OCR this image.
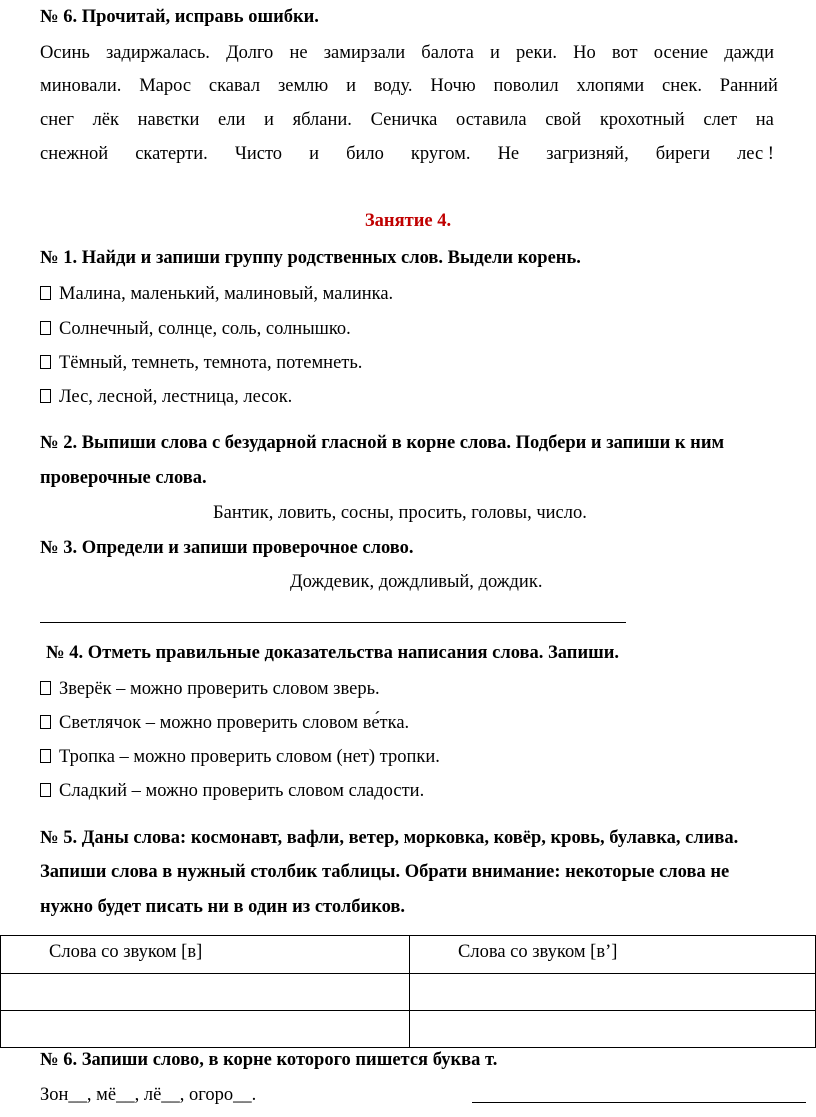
№ 6. Прочитай, исправь ошибки.
Осинь задиржалась. Долго не замирзали балота и реки. Но вот осение дажди
миновали. Марос скавал землю и воду. Ночю поволил хлопями снек. Ранний
снег лёк навєтки ели и яблани. Сеничка оставила свой крохотный слет на
снежной скатерти. Чисто и било кругом. Не загризняй, биреги лес !
Занятие 4.
№ 1. Найди и запиши группу родственных слов. Выдели корень.
Малина, маленький, малиновый, малинка.
Солнечный, солнце, соль, солнышко.
Тёмный, темнеть, темнота, потемнеть.
Лес, лесной, лестница, лесок.
№ 2. Выпиши слова с безударной гласной в корне слова. Подбери и запиши к ним
проверочные слова.
Бантик, ловить, сосны, просить, головы, число.
№ 3. Определи и запиши проверочное слово.
Дождевик, дождливый, дождик.
№ 4. Отметь правильные доказательства написания слова. Запиши.
Зверёк – можно проверить словом зверь.
Светлячок – можно проверить словом ве́тка.
Тропка – можно проверить словом (нет) тропки.
Сладкий – можно проверить словом сладости.
№ 5. Даны слова: космонавт, вафли, ветер, морковка, ковёр, кровь, булавка, слива.
Запиши слова в нужный столбик таблицы. Обрати внимание: некоторые слова не
нужно будет писать ни в один из столбиков.
Слова со звуком [в]	Слова со звуком [в’]

№ 6. Запиши слово, в корне которого пишется буква т.
Зон__, мё__, лё__, огоро__.
